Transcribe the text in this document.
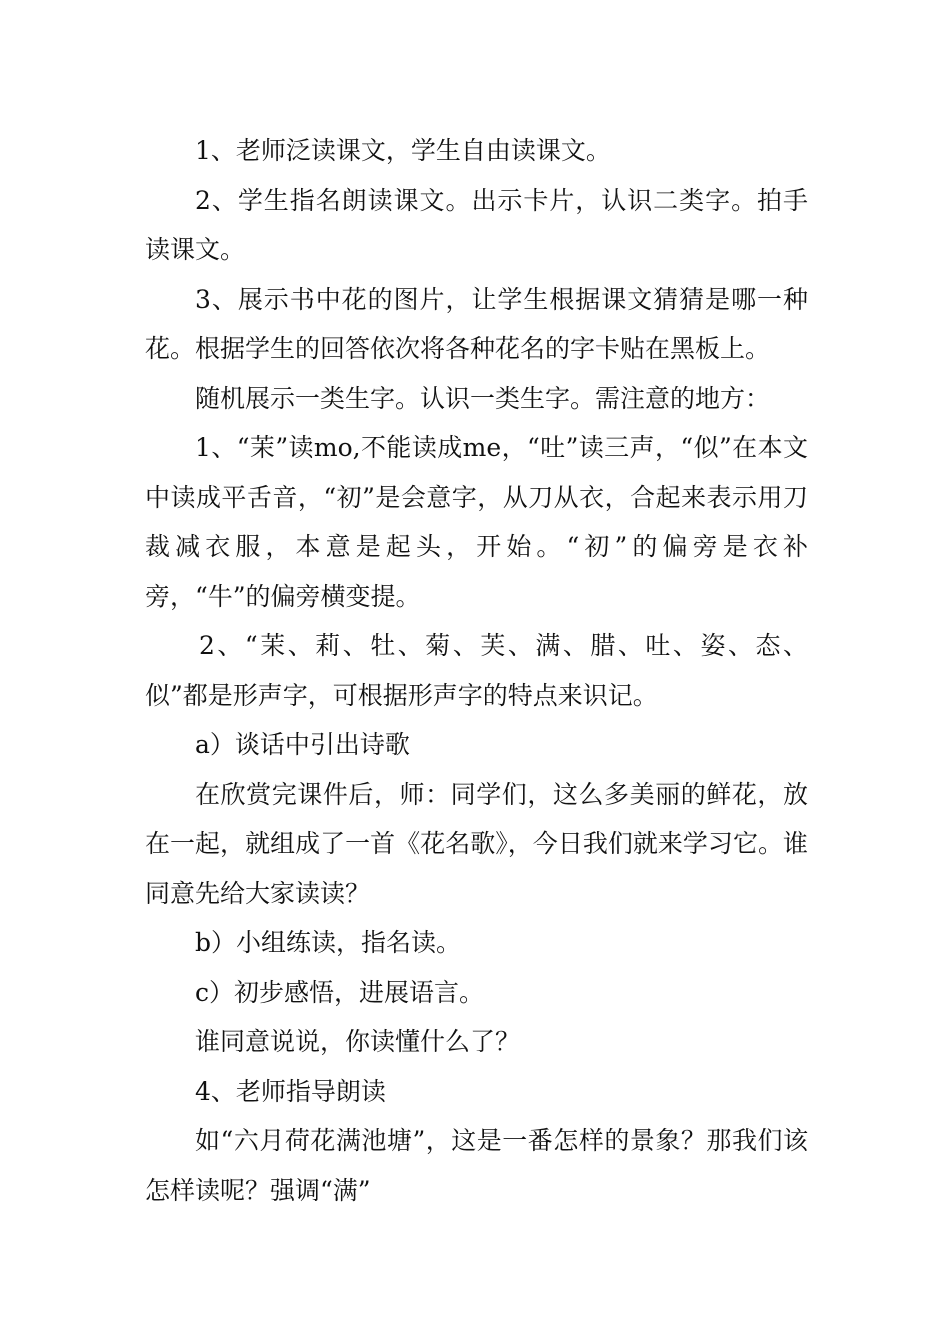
1、老师泛读课文，学生自由读课文。

2、学生指名朗读课文。出示卡片，认识二类字。拍手读课文。

3、展示书中花的图片，让学生根据课文猜猜是哪一种花。根据学生的回答依次将各种花名的字卡贴在黑板上。

随机展示一类生字。认识一类生字。需注意的地方：

1、“茉”读mo,不能读成me，“吐”读三声，“似”在本文中读成平舌音，“初”是会意字，从刀从衣，合起来表示用刀裁减衣服，本意是起头，开始。“初”的偏旁是衣补旁，“牛”的偏旁横变提。

2、“茉、莉、牡、菊、芙、满、腊、吐、姿、态、似”都是形声字，可根据形声字的特点来识记。

a）谈话中引出诗歌

在欣赏完课件后，师：同学们，这么多美丽的鲜花，放在一起，就组成了一首《花名歌》，今日我们就来学习它。谁同意先给大家读读？

b）小组练读，指名读。

c）初步感悟，进展语言。

谁同意说说，你读懂什么了？

4、老师指导朗读

如“六月荷花满池塘”，这是一番怎样的景象？那我们该怎样读呢？强调“满”
